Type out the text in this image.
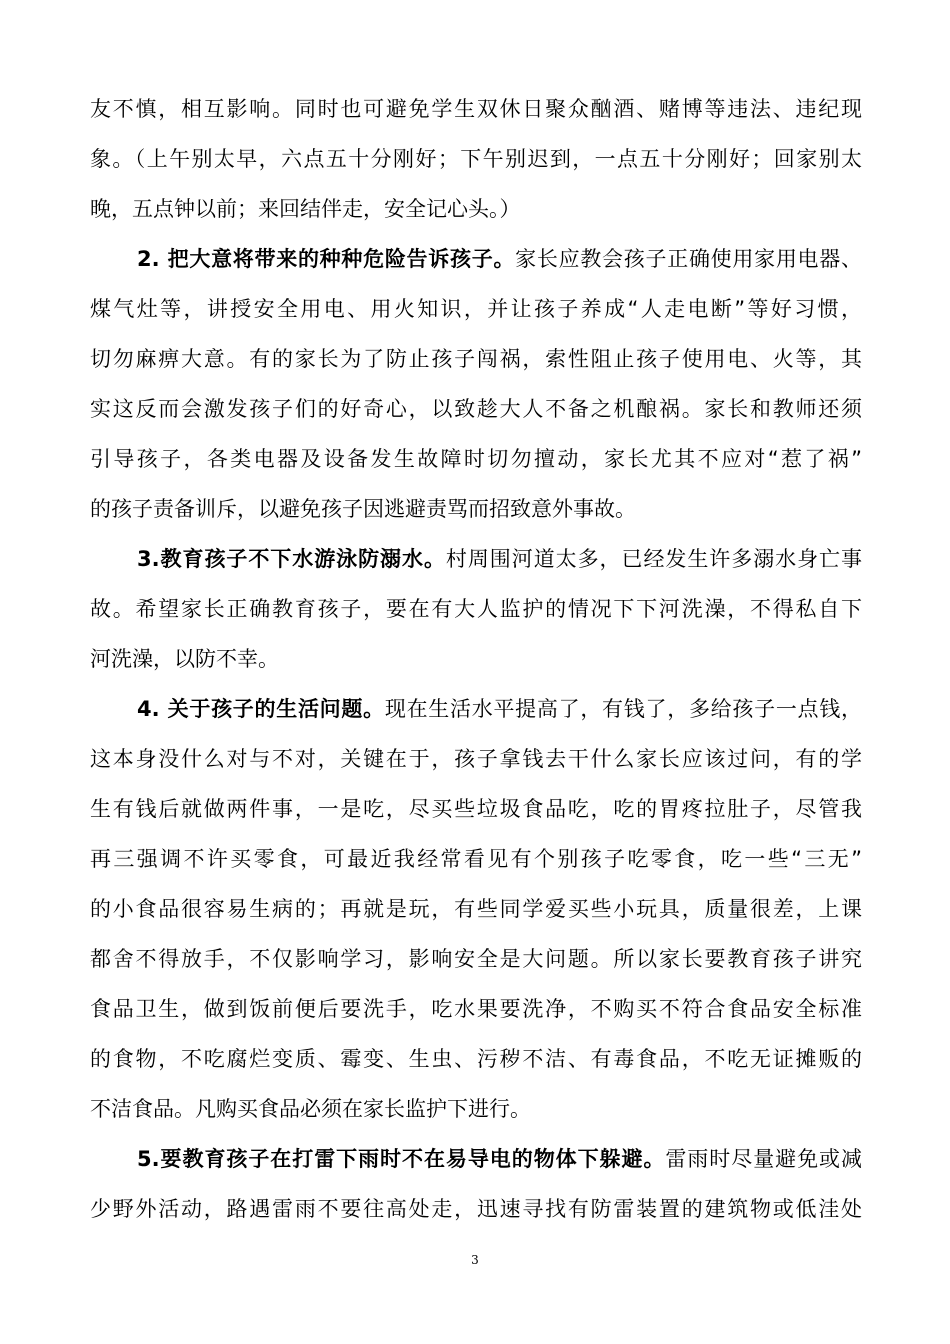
友不慎，相互影响。同时也可避免学生双休日聚众酗酒、赌博等违法、违纪现
象。（上午别太早，六点五十分刚好；下午别迟到，一点五十分刚好；回家别太
晚，五点钟以前；来回结伴走，安全记心头。）
2. 把大意将带来的种种危险告诉孩子。家长应教会孩子正确使用家用电器、
煤气灶等，讲授安全用电、用火知识，并让孩子养成“人走电断”等好习惯，
切勿麻痹大意。有的家长为了防止孩子闯祸，索性阻止孩子使用电、火等，其
实这反而会激发孩子们的好奇心，以致趁大人不备之机酿祸。家长和教师还须
引导孩子，各类电器及设备发生故障时切勿擅动，家长尤其不应对“惹了祸”
的孩子责备训斥，以避免孩子因逃避责骂而招致意外事故。
3.教育孩子不下水游泳防溺水。村周围河道太多，已经发生许多溺水身亡事
故。希望家长正确教育孩子，要在有大人监护的情况下下河洗澡，不得私自下
河洗澡，以防不幸。
4. 关于孩子的生活问题。现在生活水平提高了，有钱了，多给孩子一点钱，
这本身没什么对与不对，关键在于，孩子拿钱去干什么家长应该过问，有的学
生有钱后就做两件事，一是吃，尽买些垃圾食品吃，吃的胃疼拉肚子，尽管我
再三强调不许买零食，可最近我经常看见有个别孩子吃零食，吃一些“三无”
的小食品很容易生病的；再就是玩，有些同学爱买些小玩具，质量很差，上课
都舍不得放手，不仅影响学习，影响安全是大问题。所以家长要教育孩子讲究
食品卫生，做到饭前便后要洗手，吃水果要洗净，不购买不符合食品安全标准
的食物，不吃腐烂变质、霉变、生虫、污秽不洁、有毒食品，不吃无证摊贩的
不洁食品。凡购买食品必须在家长监护下进行。
5.要教育孩子在打雷下雨时不在易导电的物体下躲避。雷雨时尽量避免或减
少野外活动，路遇雷雨不要往高处走，迅速寻找有防雷装置的建筑物或低洼处
3
